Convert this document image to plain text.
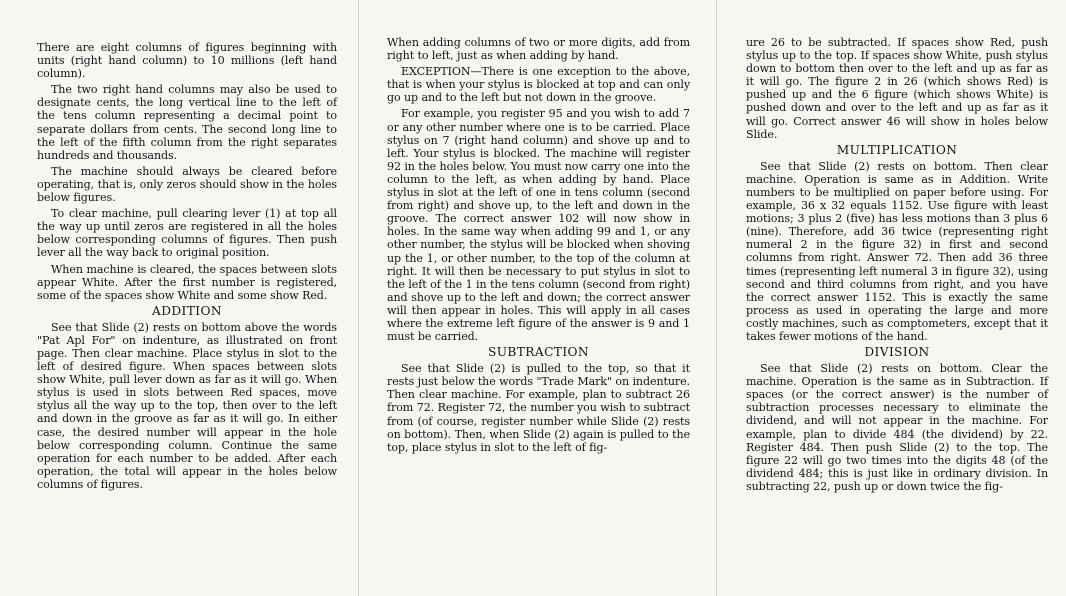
There are eight columns of figures beginning with units (right hand column) to 10 millions (left hand column).

The two right hand columns may also be used to designate cents, the long vertical line to the left of the tens column representing a decimal point to separate dollars from cents. The second long line to the left of the fifth column from the right separates hundreds and thousands.

The machine should always be cleared before operating, that is, only zeros should show in the holes below figures.

To clear machine, pull clearing lever (1) at top all the way up until zeros are registered in all the holes below corresponding columns of figures. Then push lever all the way back to original position.

When machine is cleared, the spaces between slots appear White. After the first number is registered, some of the spaces show White and some show Red.

ADDITION

See that Slide (2) rests on bottom above the words "Pat Apl For" on indenture, as illustrated on front page. Then clear machine. Place stylus in slot to the left of desired figure. When spaces between slots show White, pull lever down as far as it will go. When stylus is used in slots between Red spaces, move stylus all the way up to the top, then over to the left and down in the groove as far as it will go. In either case, the desired number will appear in the hole below corresponding column. Continue the same operation for each number to be added. After each operation, the total will appear in the holes below columns of figures.

When adding columns of two or more digits, add from right to left, just as when adding by hand.

EXCEPTION—There is one exception to the above, that is when your stylus is blocked at top and can only go up and to the left but not down in the groove.

For example, you register 95 and you wish to add 7 or any other number where one is to be carried. Place stylus on 7 (right hand column) and shove up and to left. Your stylus is blocked. The machine will register 92 in the holes below. You must now carry one into the column to the left, as when adding by hand. Place stylus in slot at the left of one in tens column (second from right) and shove up, to the left and down in the groove. The correct answer 102 will now show in holes. In the same way when adding 99 and 1, or any other number, the stylus will be blocked when shoving up the 1, or other number, to the top of the column at right. It will then be necessary to put stylus in slot to the left of the 1 in the tens column (second from right) and shove up to the left and down; the correct answer will then appear in holes. This will apply in all cases where the extreme left figure of the answer is 9 and 1 must be carried.

SUBTRACTION

See that Slide (2) is pulled to the top, so that it rests just below the words "Trade Mark" on indenture. Then clear machine. For example, plan to subtract 26 from 72. Register 72, the number you wish to subtract from (of course, register number while Slide (2) rests on bottom). Then, when Slide (2) again is pulled to the top, place stylus in slot to the left of fig-

ure 26 to be subtracted. If spaces show Red, push stylus up to the top. If spaces show White, push stylus down to bottom then over to the left and up as far as it will go. The figure 2 in 26 (which shows Red) is pushed up and the 6 figure (which shows White) is pushed down and over to the left and up as far as it will go. Correct answer 46 will show in holes below Slide.

MULTIPLICATION

See that Slide (2) rests on bottom. Then clear machine. Operation is same as in Addition. Write numbers to be multiplied on paper before using. For example, 36 x 32 equals 1152. Use figure with least motions; 3 plus 2 (five) has less motions than 3 plus 6 (nine). Therefore, add 36 twice (representing right numeral 2 in the figure 32) in first and second columns from right. Answer 72. Then add 36 three times (representing left numeral 3 in figure 32), using second and third columns from right, and you have the correct answer 1152. This is exactly the same process as used in operating the large and more costly machines, such as comptometers, except that it takes fewer motions of the hand.

DIVISION

See that Slide (2) rests on bottom. Clear the machine. Operation is the same as in Subtraction. If spaces (or the correct answer) is the number of subtraction processes necessary to eliminate the dividend, and will not appear in the machine. For example, plan to divide 484 (the dividend) by 22. Register 484. Then push Slide (2) to the top. The figure 22 will go two times into the digits 48 (of the dividend 484; this is just like in ordinary division. In subtracting 22, push up or down twice the fig-
